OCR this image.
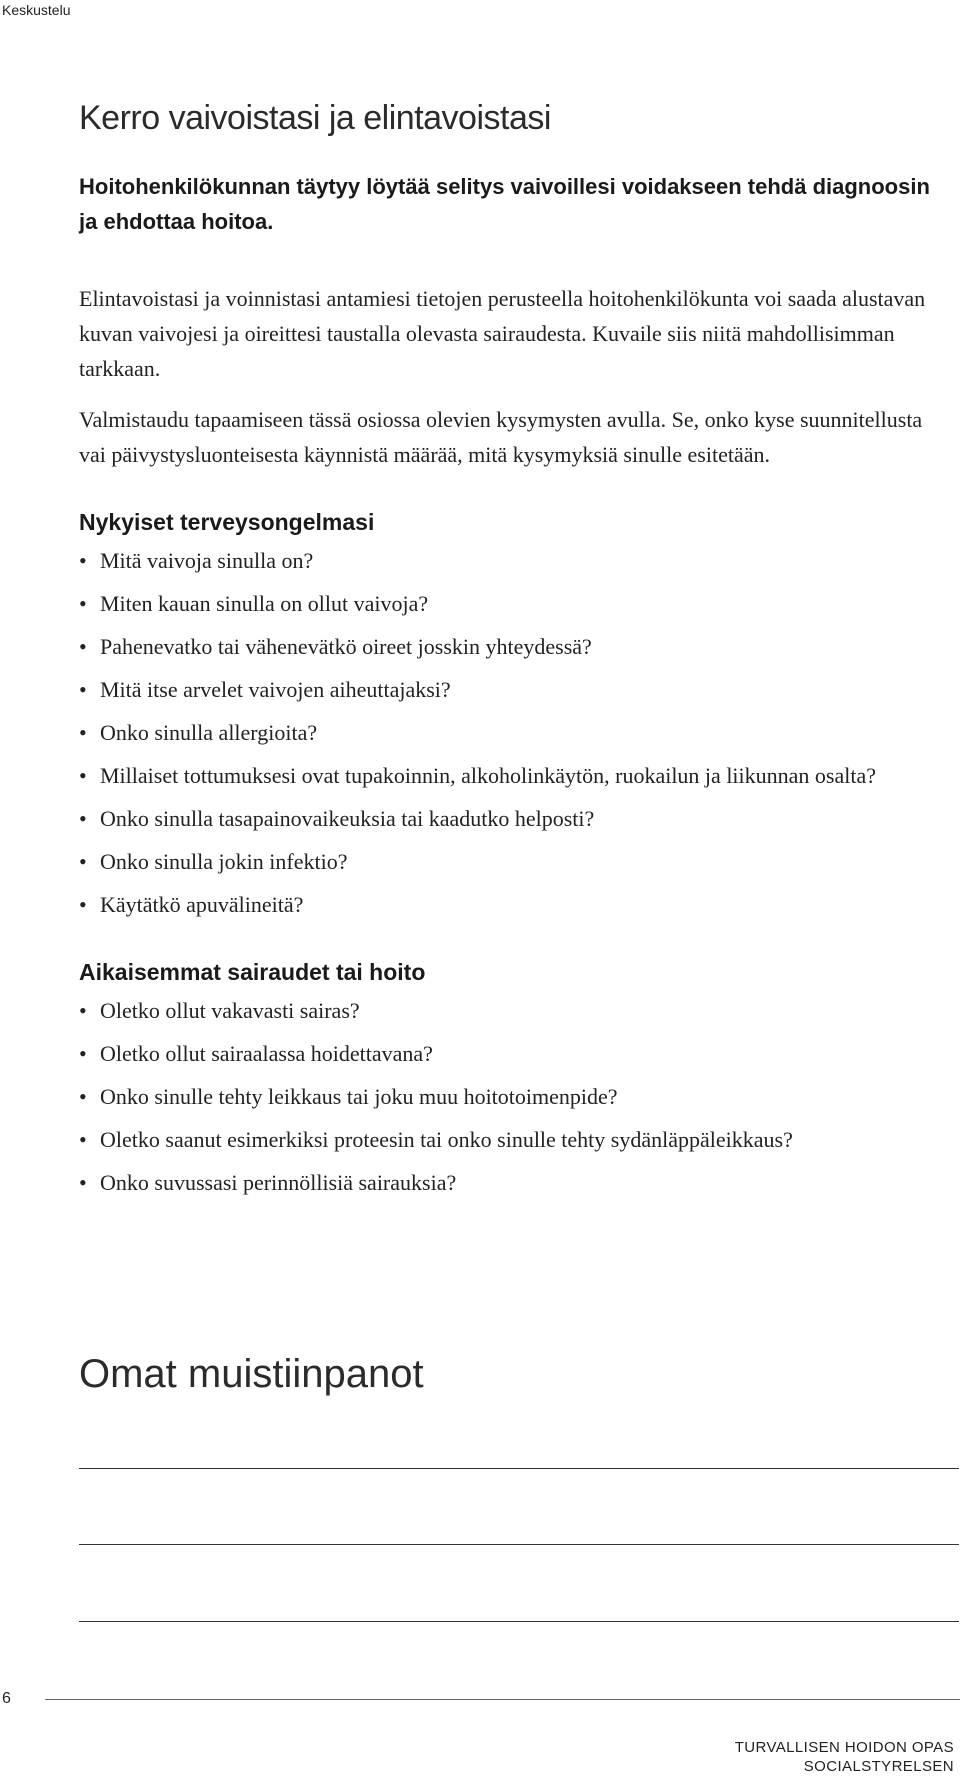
Keskustelu
Kerro vaivoistasi ja elintavoistasi

Hoitohenkilökunnan täytyy löytää selitys vaivoillesi voidakseen tehdä diagnoosin ja ehdottaa hoitoa.

Elintavoistasi ja voinnistasi antamiesi tietojen perusteella hoitohenkilökunta voi saada alustavan kuvan vaivojesi ja oireittesi taustalla olevasta sairaudesta. Kuvaile siis niitä mahdollisimman tarkkaan.

Valmistaudu tapaamiseen tässä osiossa olevien kysymysten avulla. Se, onko kyse suunnitellusta vai päivystysluonteisesta käynnistä määrää, mitä kysymyksiä sinulle esitetään.

Nykyiset terveysongelmasi
• Mitä vaivoja sinulla on?
• Miten kauan sinulla on ollut vaivoja?
• Pahenevatko tai vähenevätkö oireet josskin yhteydessä?
• Mitä itse arvelet vaivojen aiheuttajaksi?
• Onko sinulla allergioita?
• Millaiset tottumuksesi ovat tupakoinnin, alkoholinkäytön, ruokailun ja liikunnan osalta?
• Onko sinulla tasapainovaikeuksia tai kaadutko helposti?
• Onko sinulla jokin infektio?
• Käytätkö apuvälineitä?
Aikaisemmat sairaudet tai hoito
• Oletko ollut vakavasti sairas?
• Oletko ollut sairaalassa hoidettavana?
• Onko sinulle tehty leikkaus tai joku muu hoitotoimenpide?
• Oletko saanut esimerkiksi proteesin tai onko sinulle tehty sydänläppäleikkaus?
• Onko suvussasi perinnöllisiä sairauksia?
Omat muistiinpanot
6
TURVALLISEN HOIDON OPAS
SOCIALSTYRELSEN
